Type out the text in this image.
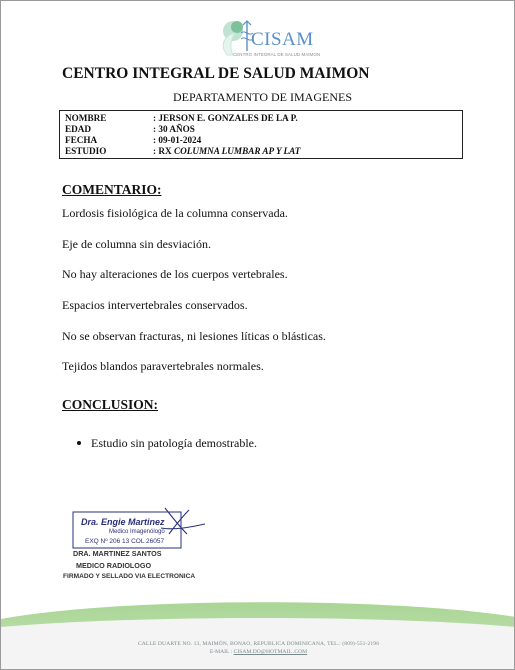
CISAM
CENTRO INTEGRAL DE SALUD MAIMON
CENTRO INTEGRAL DE SALUD MAIMON
DEPARTAMENTO DE IMAGENES
NOMBRE	: JERSON E. GONZALES DE LA P.
EDAD	: 30 AÑOS
FECHA	: 09-01-2024
ESTUDIO	: RX COLUMNA LUMBAR AP Y LAT
COMENTARIO:
Lordosis fisiológica de la columna conservada.
Eje de columna sin desviación.
No hay alteraciones de los cuerpos vertebrales.
Espacios intervertebrales conservados.
No se observan fracturas, ni lesiones líticas o blásticas.
Tejidos blandos paravertebrales normales.
CONCLUSION:
Estudio sin patología demostrable.
Dra. Engie Martinez
Medico Imagenólogo
EXQ Nº 206 13 COL 26057
DRA. MARTINEZ SANTOS
MEDICO RADIOLOGO
FIRMADO Y SELLADO VIA ELECTRONICA
CALLE DUARTE NO. 13, MAIMÓN, BONAO, REPUBLICA DOMINICANA, TEL.: (809)-551-2196
E-MAIL : CISAM.DO@HOTMAIL .COM
